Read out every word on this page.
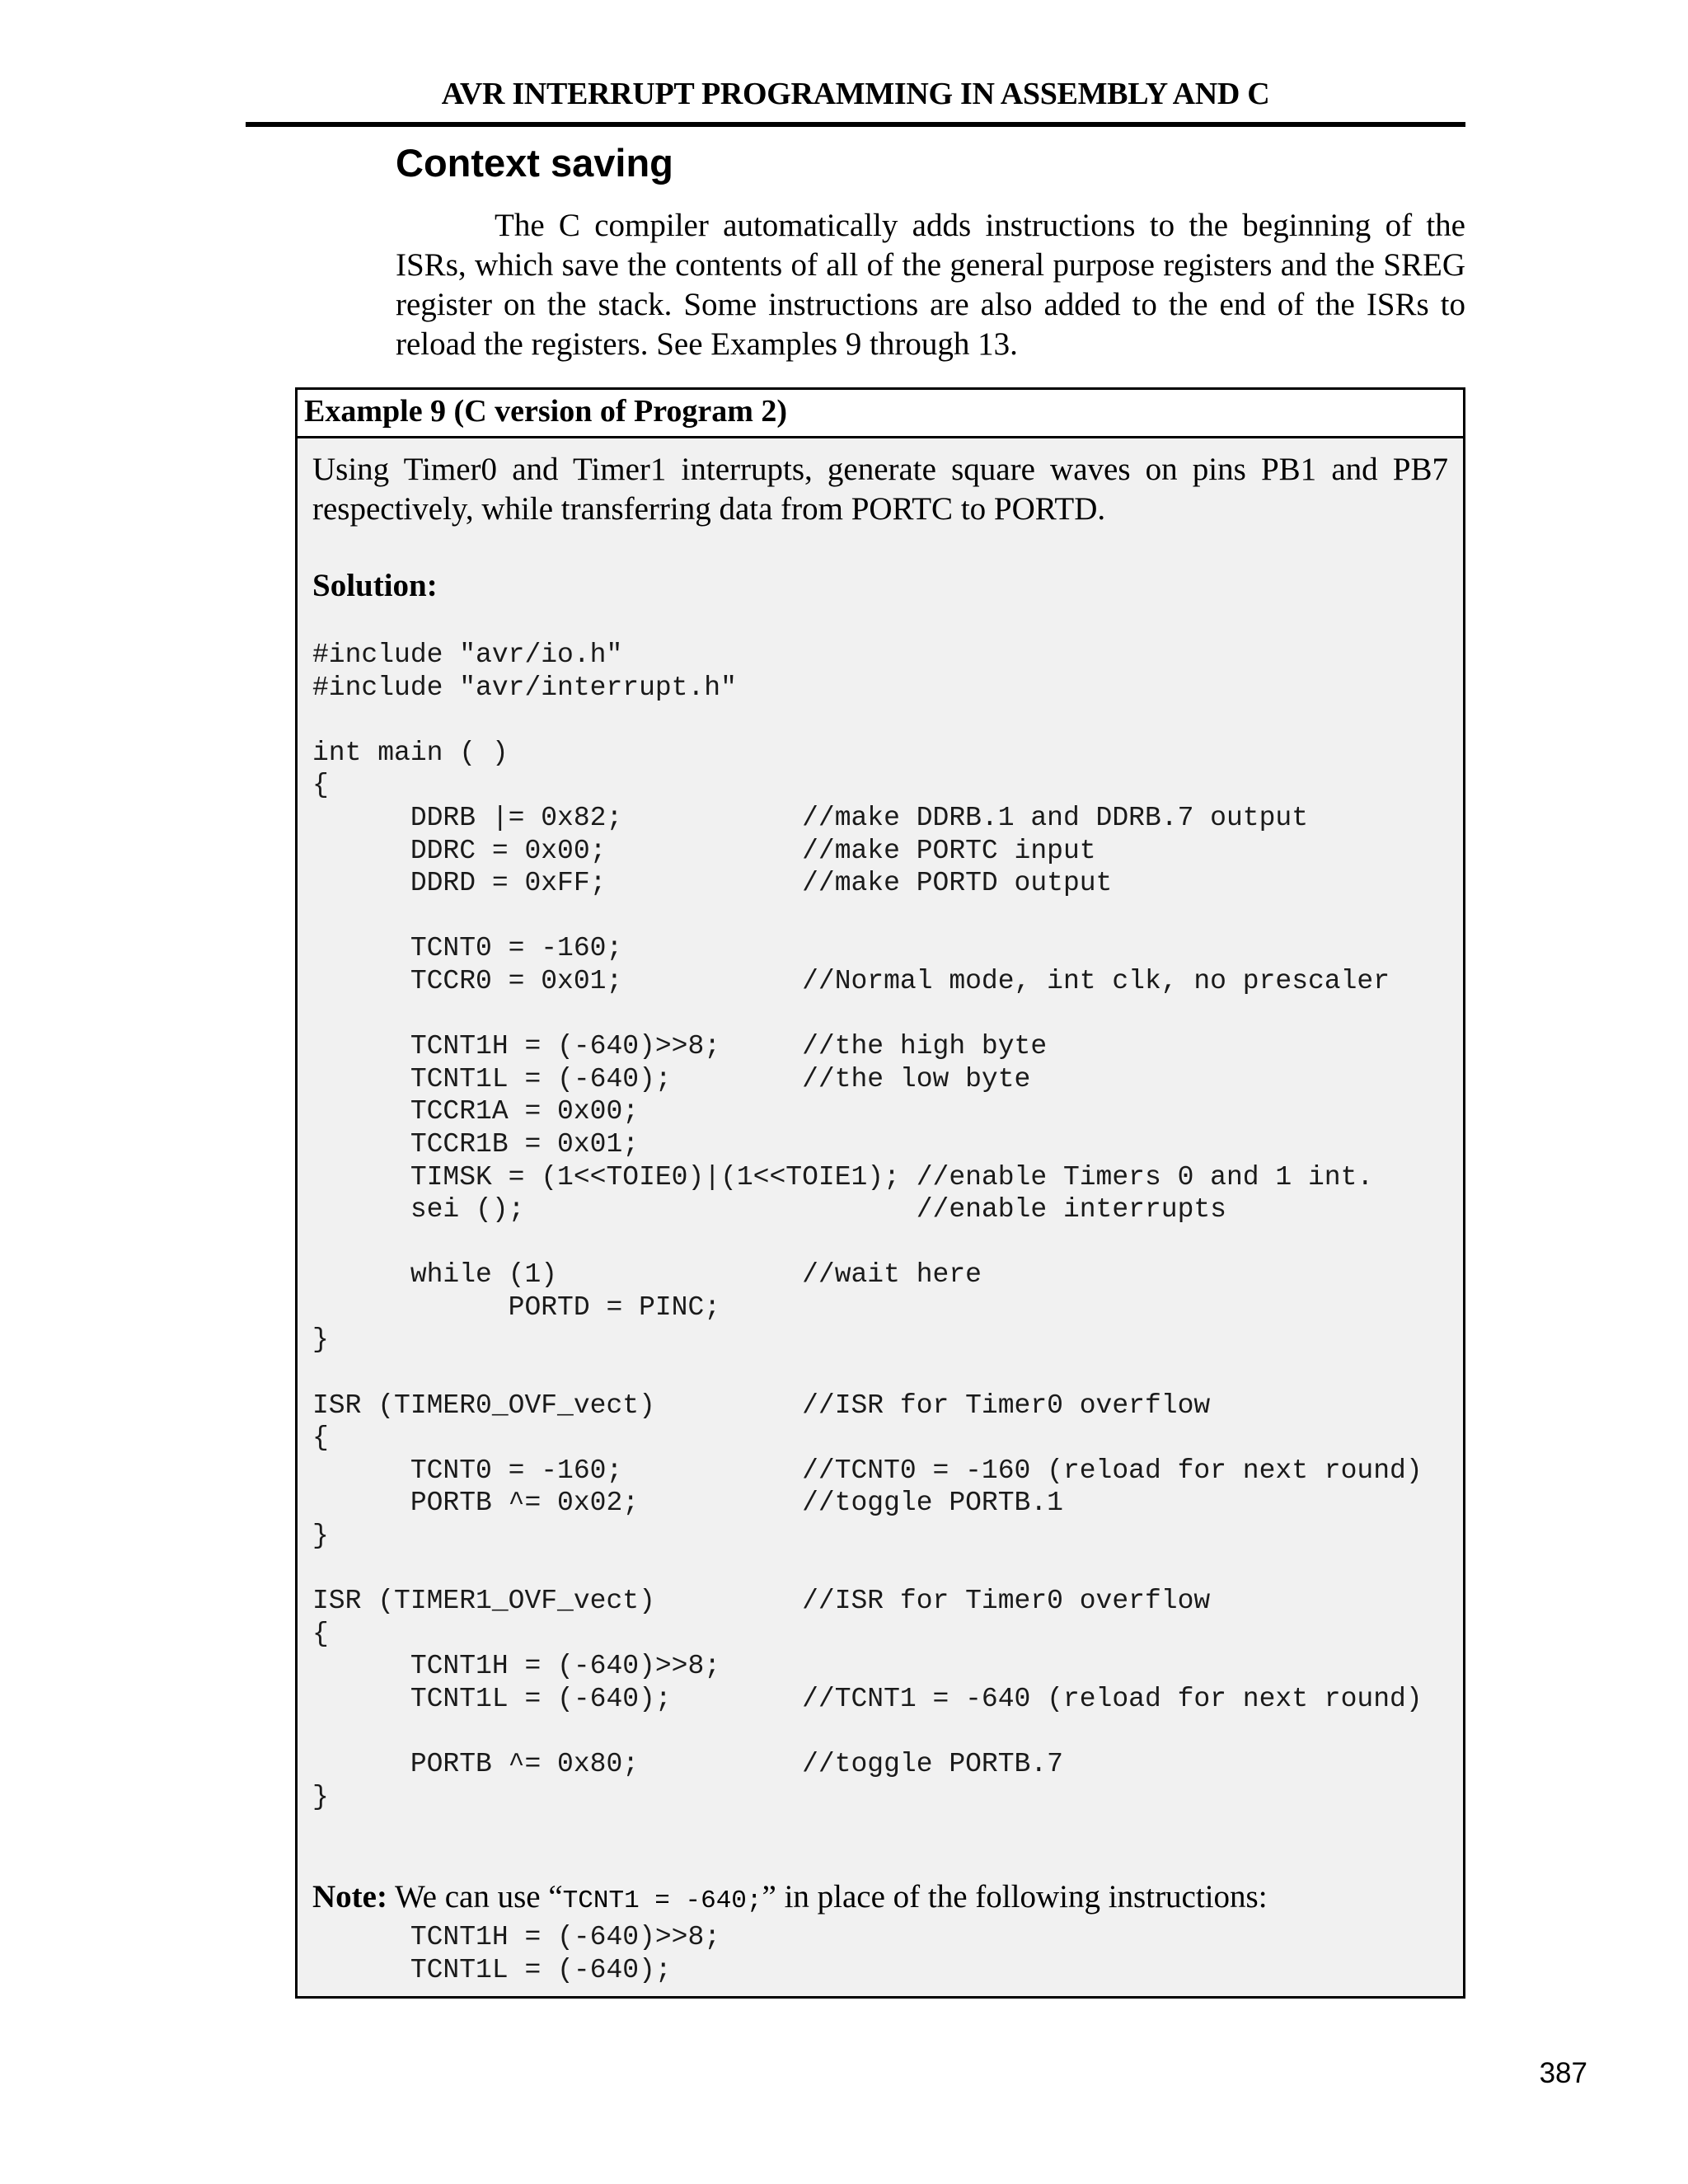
AVR INTERRUPT PROGRAMMING IN ASSEMBLY AND C
Context saving
The C compiler automatically adds instructions to the beginning of the ISRs, which save the contents of all of the general purpose registers and the SREG register on the stack. Some instructions are also added to the end of the ISRs to reload the registers. See Examples 9 through 13.
Example 9 (C version of Program 2)
Using Timer0 and Timer1 interrupts, generate square waves on pins PB1 and PB7 respectively, while transferring data from PORTC to PORTD.
Solution:
#include "avr/io.h"
#include "avr/interrupt.h"

int main ( )
{
DDRB |= 0x82;           //make DDRB.1 and DDRB.7 output
DDRC = 0x00;            //make PORTC input
DDRD = 0xFF;            //make PORTD output

TCNT0 = -160;
TCCR0 = 0x01;           //Normal mode, int clk, no prescaler

TCNT1H = (-640)>>8;     //the high byte
TCNT1L = (-640);        //the low byte
TCCR1A = 0x00;
TCCR1B = 0x01;
TIMSK = (1<<TOIE0)|(1<<TOIE1); //enable Timers 0 and 1 int.
sei ();                        //enable interrupts

while (1)               //wait here
PORTD = PINC;
}

ISR (TIMER0_OVF_vect)         //ISR for Timer0 overflow
{
TCNT0 = -160;           //TCNT0 = -160 (reload for next round)
PORTB ^= 0x02;          //toggle PORTB.1
}

ISR (TIMER1_OVF_vect)         //ISR for Timer0 overflow
{
TCNT1H = (-640)>>8;
TCNT1L = (-640);        //TCNT1 = -640 (reload for next round)

PORTB ^= 0x80;          //toggle PORTB.7
}
Note: We can use “TCNT1 = -640;” in place of the following instructions:
TCNT1H = (-640)>>8;
TCNT1L = (-640);
387
